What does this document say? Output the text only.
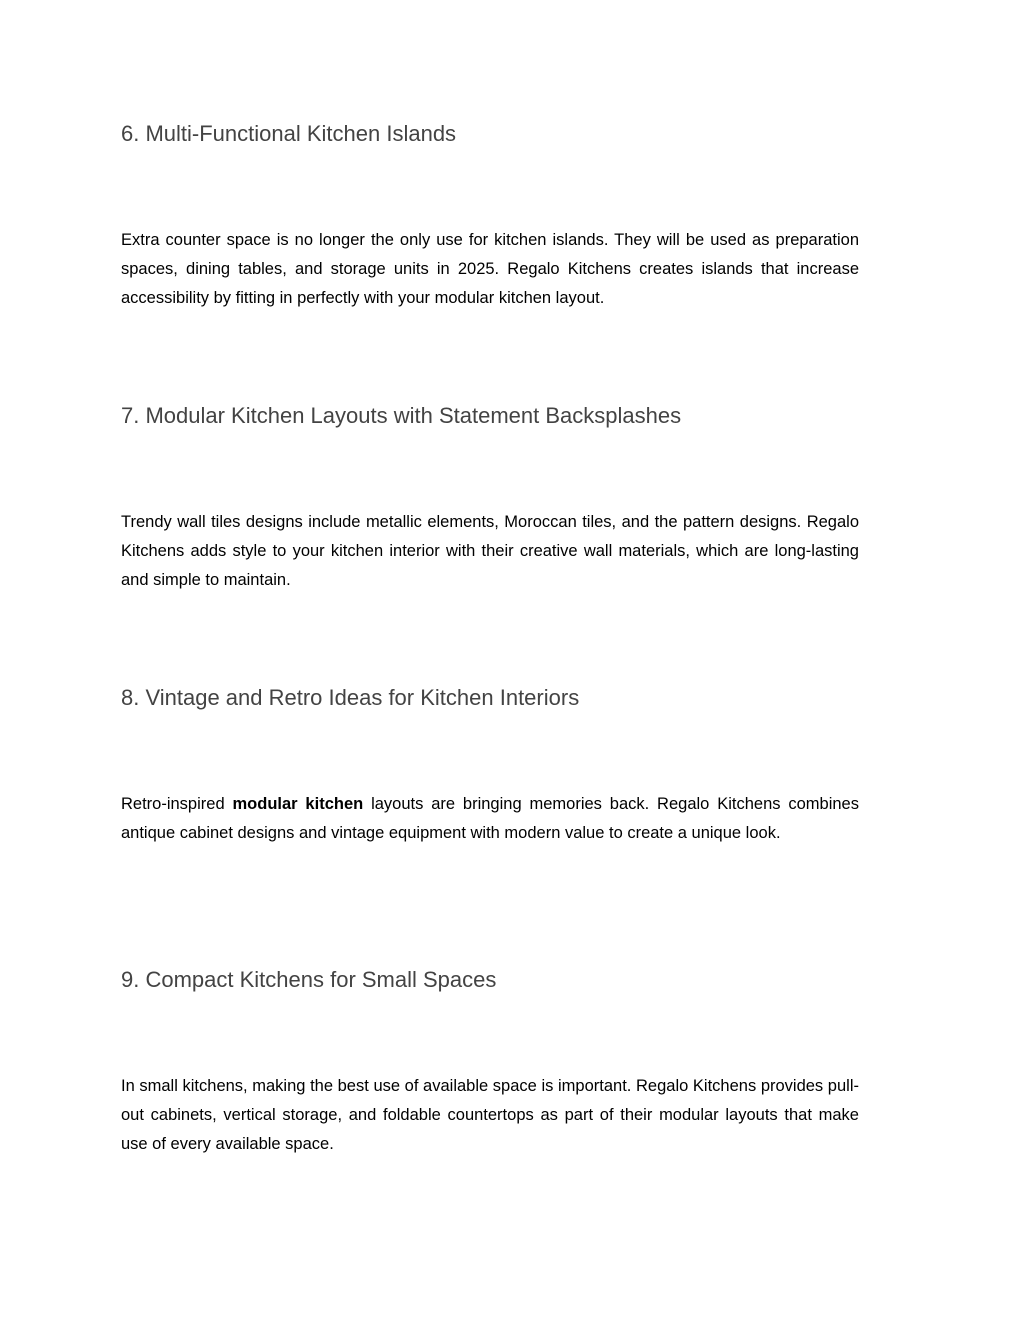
6. Multi-Functional Kitchen Islands

Extra counter space is no longer the only use for kitchen islands. They will be used as preparation spaces, dining tables, and storage units in 2025. Regalo Kitchens creates islands that increase accessibility by fitting in perfectly with your modular kitchen layout.

7. Modular Kitchen Layouts with Statement Backsplashes

Trendy wall tiles designs include metallic elements, Moroccan tiles, and the pattern designs. Regalo Kitchens adds style to your kitchen interior with their creative wall materials, which are long-lasting and simple to maintain.

8. Vintage and Retro Ideas for Kitchen Interiors

Retro-inspired modular kitchen layouts are bringing memories back. Regalo Kitchens combines antique cabinet designs and vintage equipment with modern value to create a unique look.

9. Compact Kitchens for Small Spaces

In small kitchens, making the best use of available space is important. Regalo Kitchens provides pull-out cabinets, vertical storage, and foldable countertops as part of their modular layouts that make use of every available space.
